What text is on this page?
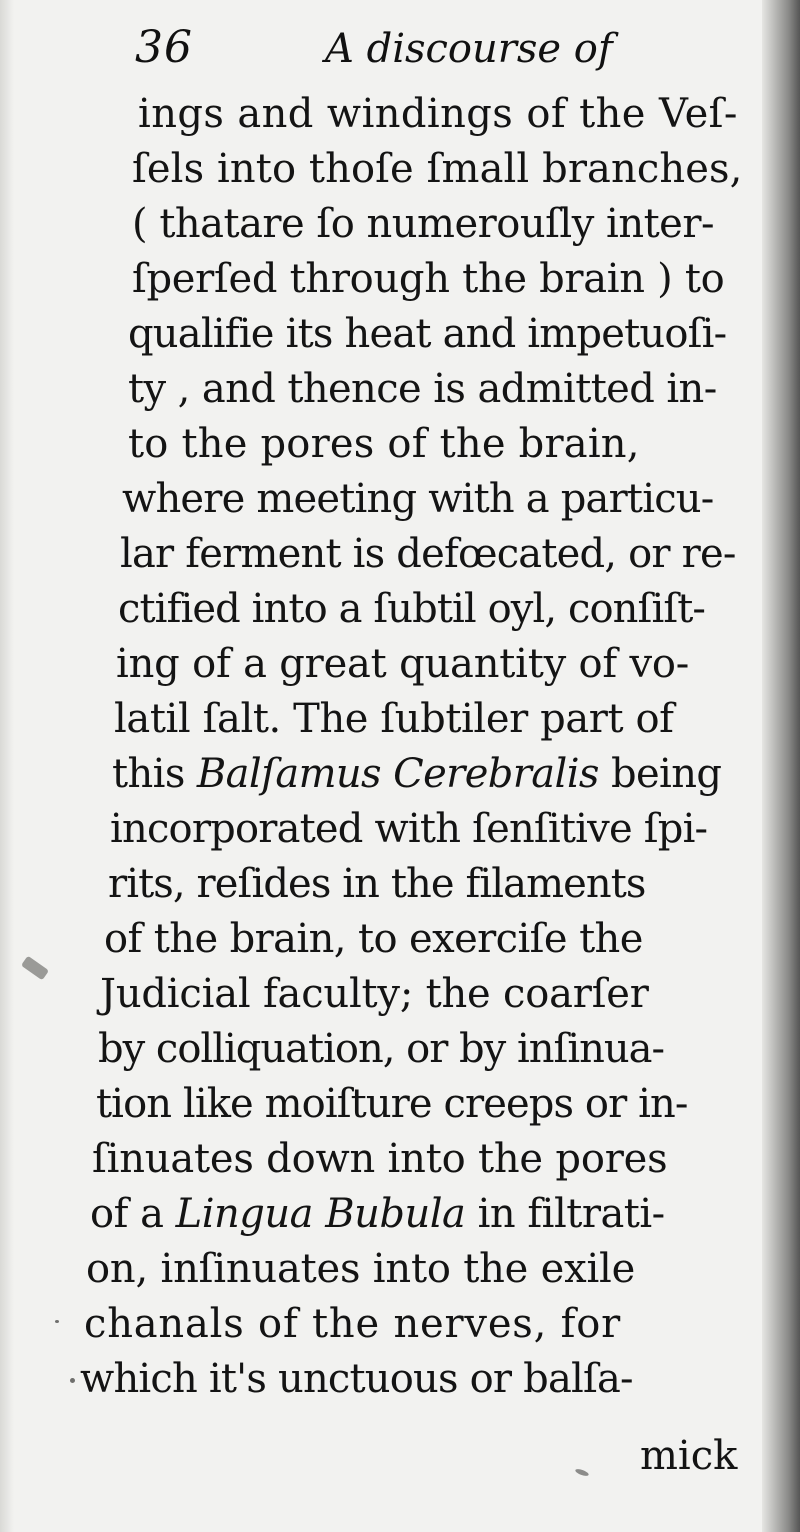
36	A discourse of
ings and windings of the Veſ-
ſels into thoſe ſmall branches,
( thatare ſo numerouſly inter-
ſperſed through the brain ) to
qualifie its heat and impetuoſi-
ty , and thence is admitted in-
to the pores of the brain,
where meeting with a particu-
lar ferment is defœcated, or re-
ctified into a ſubtil oyl, conſiſt-
ing of a great quantity of vo-
latil ſalt. The ſubtiler part of
this Balſamus Cerebralis being
incorporated with ſenſitive ſpi-
rits, reſides in the filaments
of the brain, to exerciſe the
Judicial faculty; the coarſer
by colliquation, or by inſinua-
tion like moiſture creeps or in-
ſinuates down into the pores
of a Lingua Bubula in filtrati-
on, inſinuates into the exile
chanals of the nerves, for
which it's unctuous or balſa-
mick
